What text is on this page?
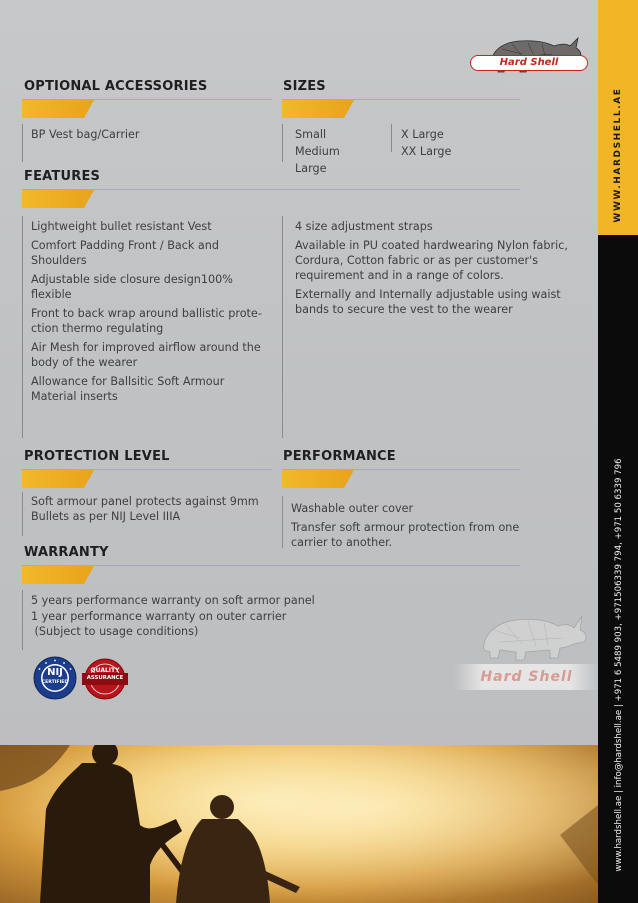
WWW.HARDSHELL.AE
www.hardshell.ae | info@hardshell.ae | +971 6 5489 903, +971506339 794, +971 50 6339 796
Hard Shell
OPTIONAL ACCESSORIES

BP Vest bag/Carrier

SIZES
Small
Medium
Large
X Large
XX Large
FEATURES

Lightweight bullet resistant Vest

Comfort Padding Front / Back and Shoulders

Adjustable side closure design100% flexible

Front to back wrap around ballistic prote-ction thermo regulating

Air Mesh for improved airflow around the body of the wearer

Allowance for Ballsitic Soft Armour Material inserts

4 size adjustment straps

Available in PU coated hardwearing Nylon fabric, Cordura, Cotton fabric or as per customer's requirement and in a range of colors.

Externally and Internally adjustable using waist bands to secure the vest to the wearer

PROTECTION LEVEL
Soft armour panel protects against 9mm Bullets as per NIJ Level IIIA
PERFORMANCE

Washable outer cover

Transfer soft armour protection from one carrier to another.

WARRANTY
5 years performance warranty on soft armor panel
1 year performance warranty on outer carrier
(Subject to usage conditions)
NIJ
CERTIFIED
QUALITY
ASSURANCE	Hard Shell
